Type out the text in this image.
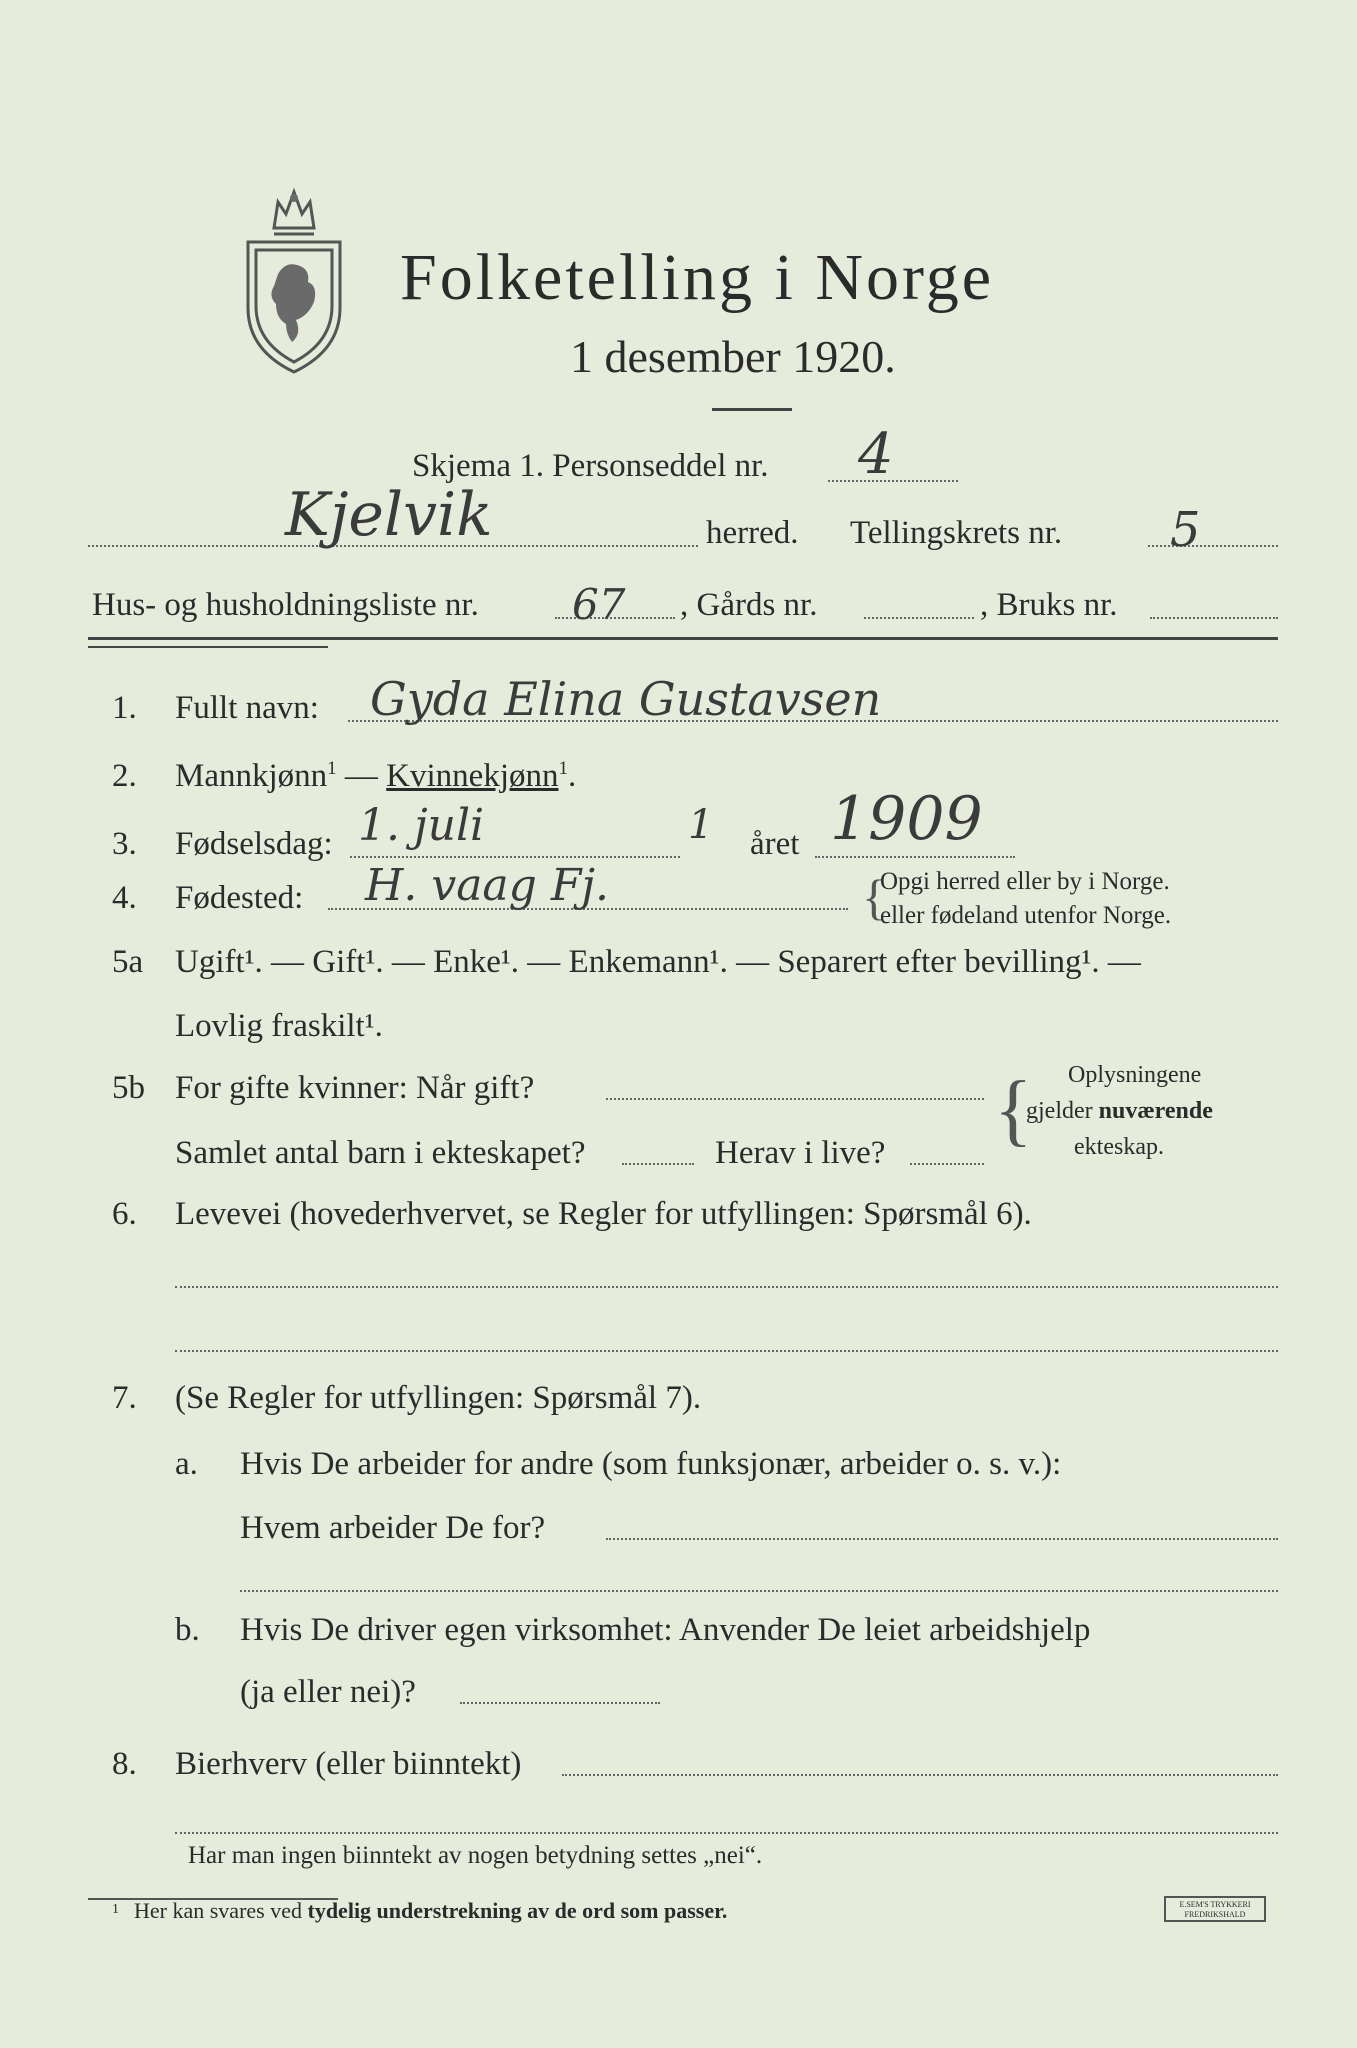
Folketelling i Norge
1 desember 1920.
Skjema 1. Personseddel nr. 4
Kjelvik	herred. Tellingskrets nr. 5
Hus- og husholdningsliste nr. 67 , Gårds nr.	, Bruks nr.
1. Fullt navn: Gyda Elina Gustavsen
2. Mannkjønn$^1$ — Kvinnekjønn$^1$.
3. Fødselsdag: 1. juli	1 året 1909
4. Fødested: H. vaag Fj.	{
Opgi herred eller by i Norge.
eller fødeland utenfor Norge.
5a Ugift¹. — Gift¹. — Enke¹. — Enkemann¹. — Separert efter bevilling¹. —
Lovlig fraskilt¹.
5b For gifte kvinner: Når gift?
Samlet antal barn i ekteskapet?	Herav i live? { Oplysningene
gjelder nuværende
ekteskap.
6. Levevei (hovederhvervet, se Regler for utfyllingen: Spørsmål 6).
7. (Se Regler for utfyllingen: Spørsmål 7).
a. Hvis De arbeider for andre (som funksjonær, arbeider o. s. v.):
Hvem arbeider De for?
b. Hvis De driver egen virksomhet: Anvender De leiet arbeidshjelp
(ja eller nei)?
8. Bierhverv (eller biinntekt)
Har man ingen biinntekt av nogen betydning settes „nei“.
1 Her kan svares ved tydelig understrekning av de ord som passer.	E.SEM'S TRYKKERI
FREDRIKSHALD
